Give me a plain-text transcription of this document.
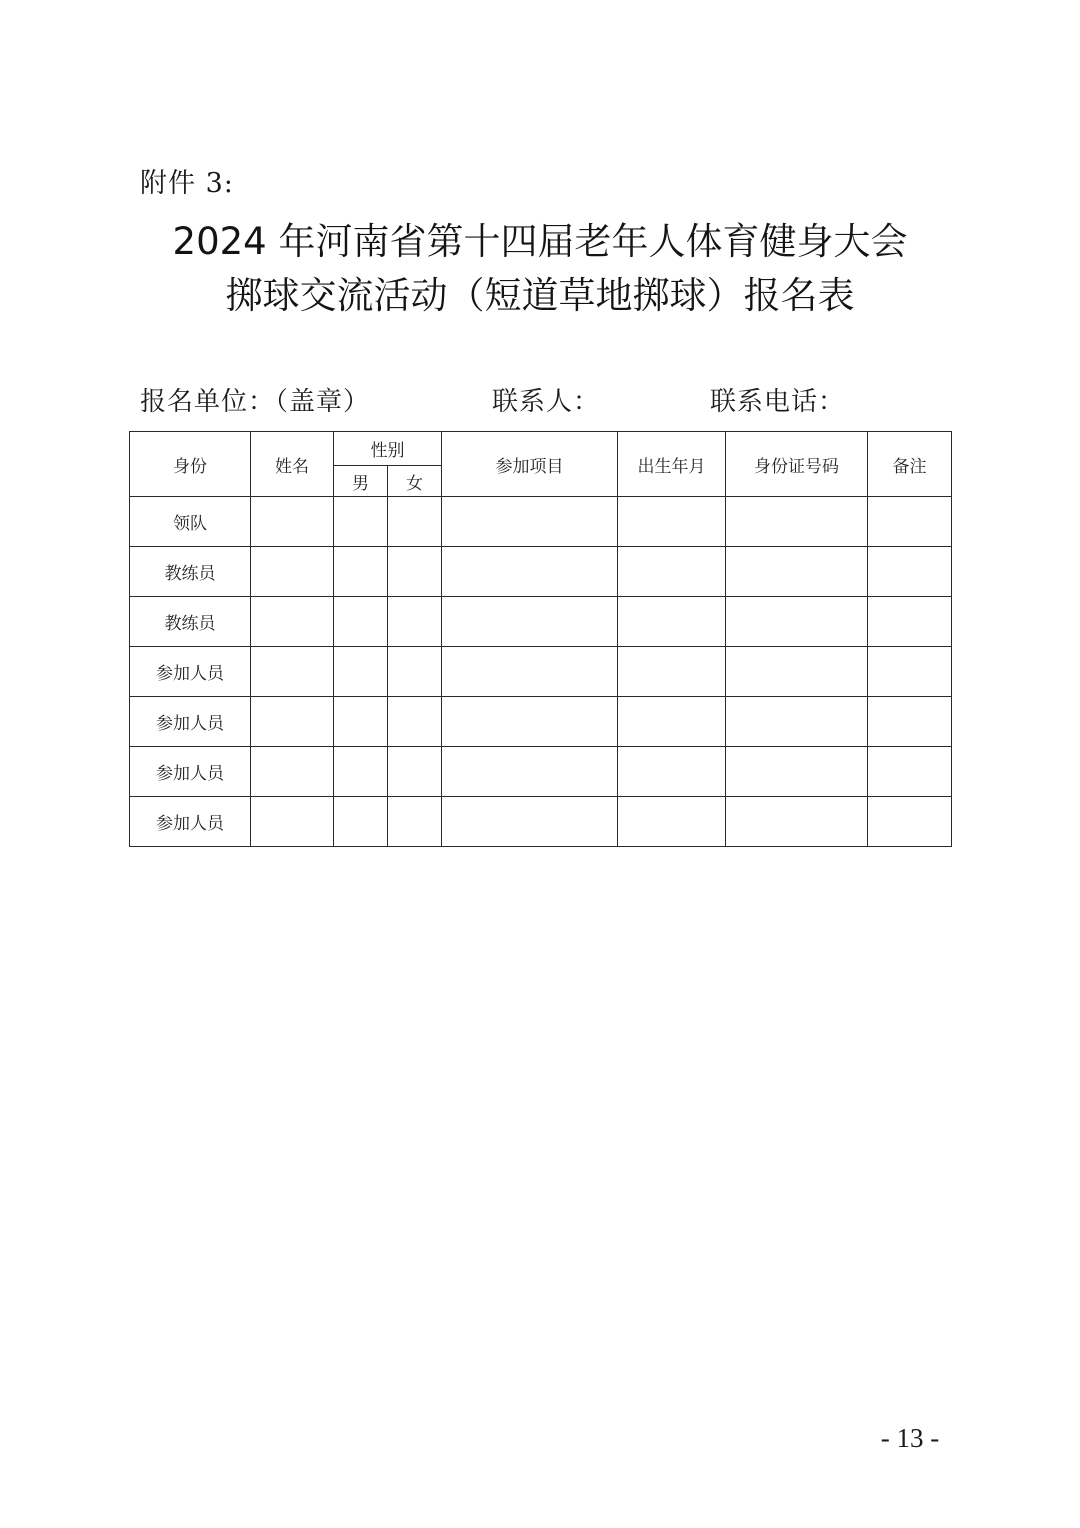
附件 3:
2024 年河南省第十四届老年人体育健身大会
掷球交流活动（短道草地掷球）报名表
报名单位：（盖章）	联系人：	联系电话：
身份	姓名	性别		参加项目	出生年月	身份证号码	备注
		男	女				
领队							
教练员							
教练员							
参加人员							
参加人员							
参加人员							
参加人员							
- 13 -
